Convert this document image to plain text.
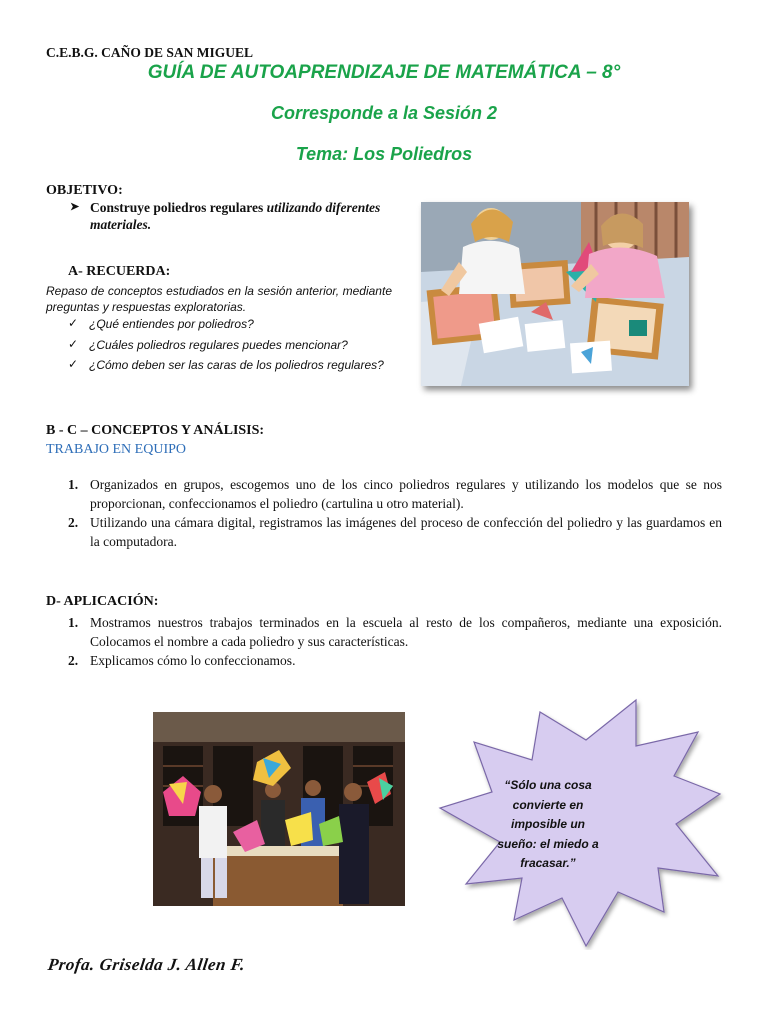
C.E.B.G. CAÑO DE SAN MIGUEL
GUÍA DE AUTOAPRENDIZAJE DE MATEMÁTICA – 8°
Corresponde a la Sesión 2
Tema: Los Poliedros
OBJETIVO:
➤ Construye poliedros regulares utilizando diferentes materiales.
A- RECUERDA:
Repaso de conceptos estudiados en la sesión anterior, mediante preguntas y respuestas exploratorias.
✓ ¿Qué entiendes por poliedros?
✓ ¿Cuáles poliedros regulares puedes mencionar?
✓ ¿Cómo deben ser las caras de los poliedros regulares?
B - C – CONCEPTOS Y ANÁLISIS:
TRABAJO EN EQUIPO
1. Organizados en grupos, escogemos uno de los cinco poliedros regulares y utilizando los modelos que se nos proporcionan, confeccionamos el poliedro (cartulina u otro material).
2. Utilizando una cámara digital, registramos las imágenes del proceso de confección del poliedro y las guardamos en la computadora.
D- APLICACIÓN:
1. Mostramos nuestros trabajos terminados en la escuela al resto de los compañeros, mediante una exposición. Colocamos el nombre a cada poliedro y sus características.
2. Explicamos cómo lo confeccionamos.
“Sólo una cosa convierte en imposible un sueño: el miedo a fracasar.”
Profa. Griselda J. Allen F.
